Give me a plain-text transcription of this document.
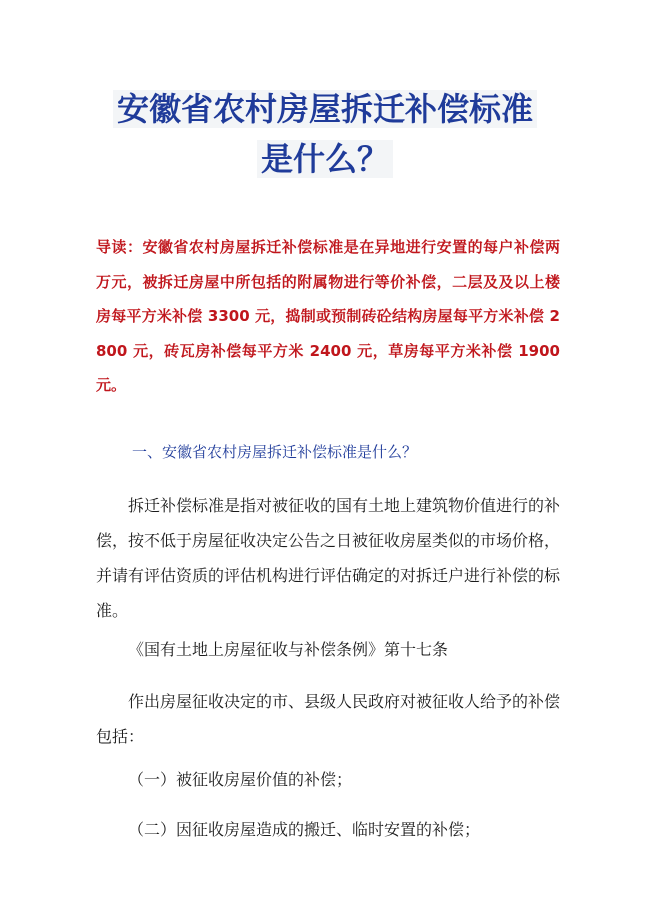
安徽省农村房屋拆迁补偿标准
是什么？
导读：安徽省农村房屋拆迁补偿标准是在异地进行安置的每户补偿两万元，被拆迁房屋中所包括的附属物进行等价补偿，二层及及以上楼房每平方米补偿 3300 元，捣制或预制砖砼结构房屋每平方米补偿 2800 元，砖瓦房补偿每平方米 2400 元，草房每平方米补偿 1900 元。
一、安徽省农村房屋拆迁补偿标准是什么？
拆迁补偿标准是指对被征收的国有土地上建筑物价值进行的补偿，按不低于房屋征收决定公告之日被征收房屋类似的市场价格，并请有评估资质的评估机构进行评估确定的对拆迁户进行补偿的标准。
《国有土地上房屋征收与补偿条例》第十七条
作出房屋征收决定的市、县级人民政府对被征收人给予的补偿包括：
（一）被征收房屋价值的补偿；
（二）因征收房屋造成的搬迁、临时安置的补偿；
